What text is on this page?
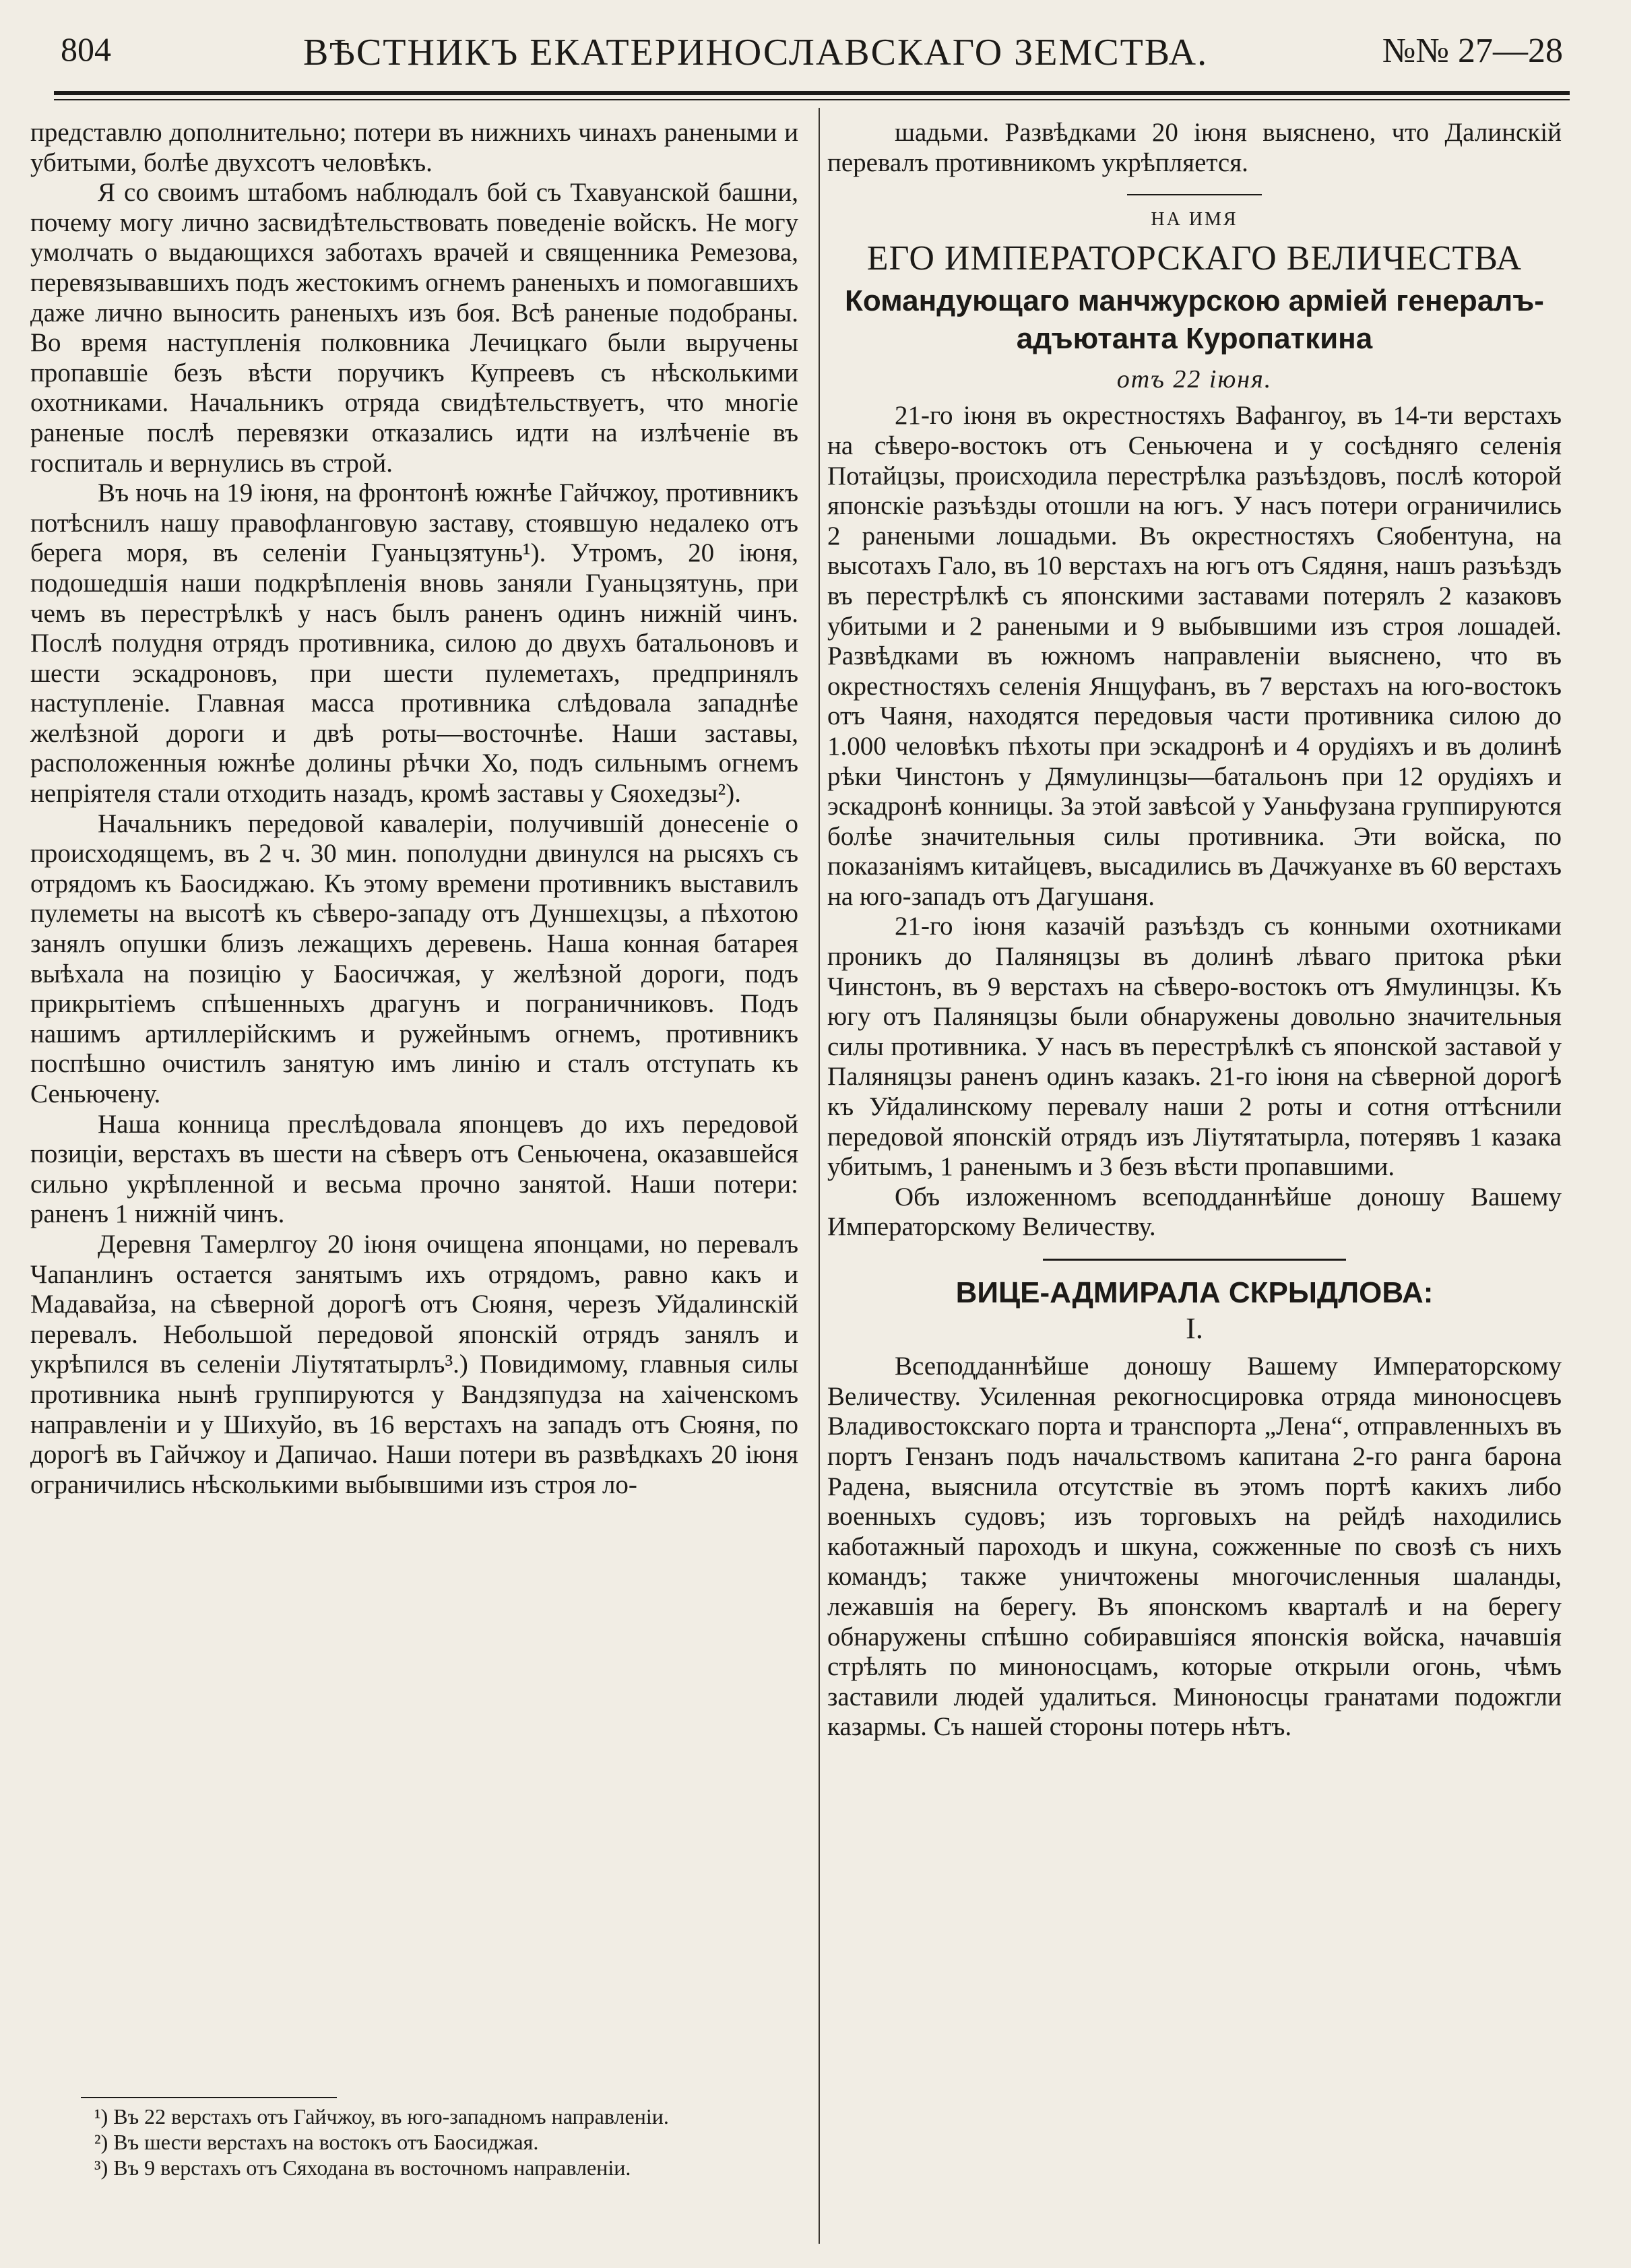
804	ВѢСТНИКЪ ЕКАТЕРИНОСЛАВСКАГО ЗЕМСТВА.	№№ 27—28

представлю дополнительно; потери въ нижнихъ чинахъ ранеными и убитыми, болѣе двухсотъ человѣкъ.

Я со своимъ штабомъ наблюдалъ бой съ Тхавуанской башни, почему могу лично засвидѣтельствовать поведеніе войскъ. Не могу умолчать о выдающихся заботахъ врачей и священника Ремезова, перевязывавшихъ подъ жестокимъ огнемъ раненыхъ и помогавшихъ даже лично выносить раненыхъ изъ боя. Всѣ раненые подобраны. Во время наступленія полковника Лечицкаго были выручены пропавшіе безъ вѣсти поручикъ Купреевъ съ нѣсколькими охотниками. Начальникъ отряда свидѣтельствуетъ, что многіе раненые послѣ перевязки отказались идти на излѣченіе въ госпиталь и вернулись въ строй.

Въ ночь на 19 іюня, на фронтонѣ южнѣе Гайчжоу, противникъ потѣснилъ нашу правофланговую заставу, стоявшую недалеко отъ берега моря, въ селеніи Гуаньцзятунь¹). Утромъ, 20 іюня, подошедшія наши подкрѣпленія вновь заняли Гуаньцзятунь, при чемъ въ перестрѣлкѣ у насъ былъ раненъ одинъ нижній чинъ. Послѣ полудня отрядъ противника, силою до двухъ батальоновъ и шести эскадроновъ, при шести пулеметахъ, предпринялъ наступленіе. Главная масса противника слѣдовала западнѣе желѣзной дороги и двѣ роты—восточнѣе. Наши заставы, расположенныя южнѣе долины рѣчки Хо, подъ сильнымъ огнемъ непріятеля стали отходить назадъ, кромѣ заставы у Сяохедзы²).

Начальникъ передовой кавалеріи, получившій донесеніе о происходящемъ, въ 2 ч. 30 мин. пополудни двинулся на рысяхъ съ отрядомъ къ Баосиджаю. Къ этому времени противникъ выставилъ пулеметы на высотѣ къ сѣверо-западу отъ Дуншехцзы, а пѣхотою занялъ опушки близъ лежащихъ деревень. Наша конная батарея выѣхала на позицію у Баосичжая, у желѣзной дороги, подъ прикрытіемъ спѣшенныхъ драгунъ и пограничниковъ. Подъ нашимъ артиллерійскимъ и ружейнымъ огнемъ, противникъ поспѣшно очистилъ занятую имъ линію и сталъ отступать къ Сеньючену.

Наша конница преслѣдовала японцевъ до ихъ передовой позиціи, верстахъ въ шести на сѣверъ отъ Сеньючена, оказавшейся сильно укрѣпленной и весьма прочно занятой. Наши потери: раненъ 1 нижній чинъ.

Деревня Тамерлгоу 20 іюня очищена японцами, но перевалъ Чапанлинъ остается занятымъ ихъ отрядомъ, равно какъ и Мадавайза, на сѣверной дорогѣ отъ Сюяня, черезъ Уйдалинскій перевалъ. Небольшой передовой японскій отрядъ занялъ и укрѣпился въ селеніи Ліутятатырлъ³.) Повидимому, главныя силы противника нынѣ группируются у Вандзяпудза на хаіченскомъ направленіи и у Шихуйо, въ 16 верстахъ на западъ отъ Сюяня, по дорогѣ въ Гайчжоу и Дапичао. Наши потери въ развѣдкахъ 20 іюня ограничились нѣсколькими выбывшими изъ строя ло-

¹) Въ 22 верстахъ отъ Гайчжоу, въ юго-западномъ направленіи.

²) Въ шести верстахъ на востокъ отъ Баосиджая.

³) Въ 9 верстахъ отъ Сяходана въ восточномъ направленіи.

шадьми. Развѣдками 20 іюня выяснено, что Далинскій перевалъ противникомъ укрѣпляется.

НА ИМЯ
ЕГО ИМПЕРАТОРСКАГО ВЕЛИЧЕСТВА
Командующаго манчжурскою арміей генералъ-адъютанта Куропаткина
отъ 22 іюня.

21-го іюня въ окрестностяхъ Вафангоу, въ 14-ти верстахъ на сѣверо-востокъ отъ Сеньючена и у сосѣдняго селенія Потайцзы, происходила перестрѣлка разъѣздовъ, послѣ которой японскіе разъѣзды отошли на югъ. У насъ потери ограничились 2 ранеными лошадьми. Въ окрестностяхъ Сяобентуна, на высотахъ Гало, въ 10 верстахъ на югъ отъ Сядяня, нашъ разъѣздъ въ перестрѣлкѣ съ японскими заставами потерялъ 2 казаковъ убитыми и 2 ранеными и 9 выбывшими изъ строя лошадей. Развѣдками въ южномъ направленіи выяснено, что въ окрестностяхъ селенія Янщуфанъ, въ 7 верстахъ на юго-востокъ отъ Чаяня, находятся передовыя части противника силою до 1.000 человѣкъ пѣхоты при эскадронѣ и 4 орудіяхъ и въ долинѣ рѣки Чинстонъ у Дямулинцзы—батальонъ при 12 орудіяхъ и эскадронѣ конницы. За этой завѣсой у Уаньфузана группируются болѣе значительныя силы противника. Эти войска, по показаніямъ китайцевъ, высадились въ Дачжуанхе въ 60 верстахъ на юго-западъ отъ Дагушаня.

21-го іюня казачій разъѣздъ съ конными охотниками проникъ до Паляняцзы въ долинѣ лѣваго притока рѣки Чинстонъ, въ 9 верстахъ на сѣверо-востокъ отъ Ямулинцзы. Къ югу отъ Паляняцзы были обнаружены довольно значительныя силы противника. У насъ въ перестрѣлкѣ съ японской заставой у Паляняцзы раненъ одинъ казакъ. 21-го іюня на сѣверной дорогѣ къ Уйдалинскому перевалу наши 2 роты и сотня оттѣснили передовой японскій отрядъ изъ Ліутятатырла, потерявъ 1 казака убитымъ, 1 раненымъ и 3 безъ вѣсти пропавшими.

Объ изложенномъ всеподданнѣйше доношу Вашему Императорскому Величеству.

ВИЦЕ-АДМИРАЛА СКРЫДЛОВА:
I.

Всеподданнѣйше доношу Вашему Императорскому Величеству. Усиленная рекогносцировка отряда миноносцевъ Владивостокскаго порта и транспорта „Лена“, отправленныхъ въ портъ Гензанъ подъ начальствомъ капитана 2-го ранга барона Радена, выяснила отсутствіе въ этомъ портѣ какихъ либо военныхъ судовъ; изъ торговыхъ на рейдѣ находились каботажный пароходъ и шкуна, сожженные по свозѣ съ нихъ командъ; также уничтожены многочисленныя шаланды, лежавшія на берегу. Въ японскомъ кварталѣ и на берегу обнаружены спѣшно собиравшіяся японскія войска, начавшія стрѣлять по миноносцамъ, которые открыли огонь, чѣмъ заставили людей удалиться. Миноносцы гранатами подожгли казармы. Съ нашей стороны потерь нѣтъ.
